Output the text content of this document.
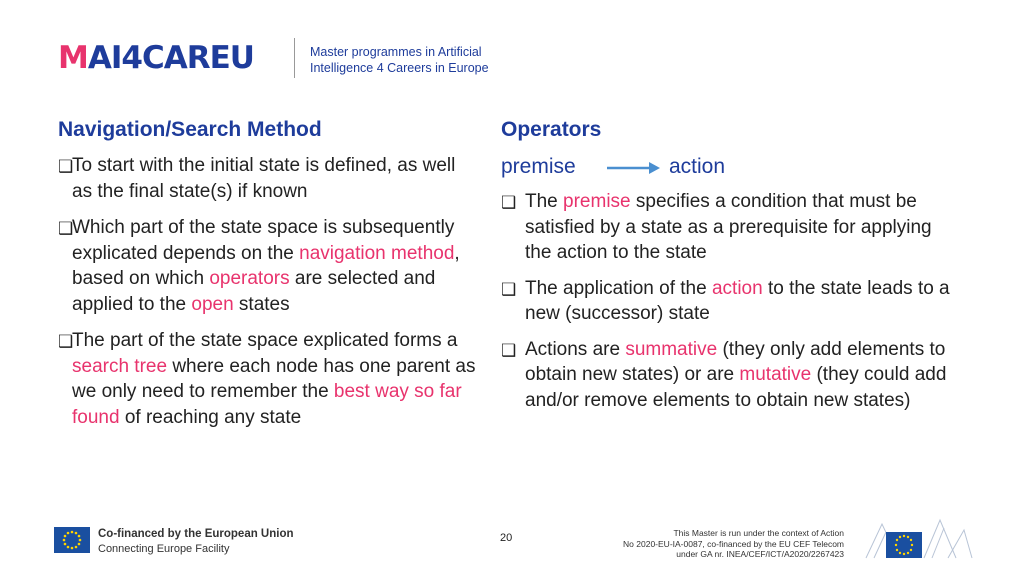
MAI4CAREU	Master programmes in Artificial
Intelligence 4 Careers in Europe
Navigation/Search Method
❑
To start with the initial state is defined, as well as the final state(s) if known
❑
Which part of the state space is subsequently explicated depends on the navigation method, based on which operators are selected and applied to the open states
❑
The part of the state space explicated forms a search tree where each node has one parent as we only need to remember the best way so far found of reaching any state
Operators
premise	action
❑ The premise specifies a condition that must be satisfied by a state as a prerequisite for applying the action to the state
❑ The application of the action to the state leads to a new (successor) state
❑ Actions are summative (they only add elements to obtain new states) or are mutative (they could add and/or remove elements to obtain new states)
Co-financed by the European Union
Connecting Europe Facility
20	This Master is run under the context of Action
No 2020-EU-IA-0087, co-financed by the EU CEF Telecom
under GA nr. INEA/CEF/ICT/A2020/2267423
